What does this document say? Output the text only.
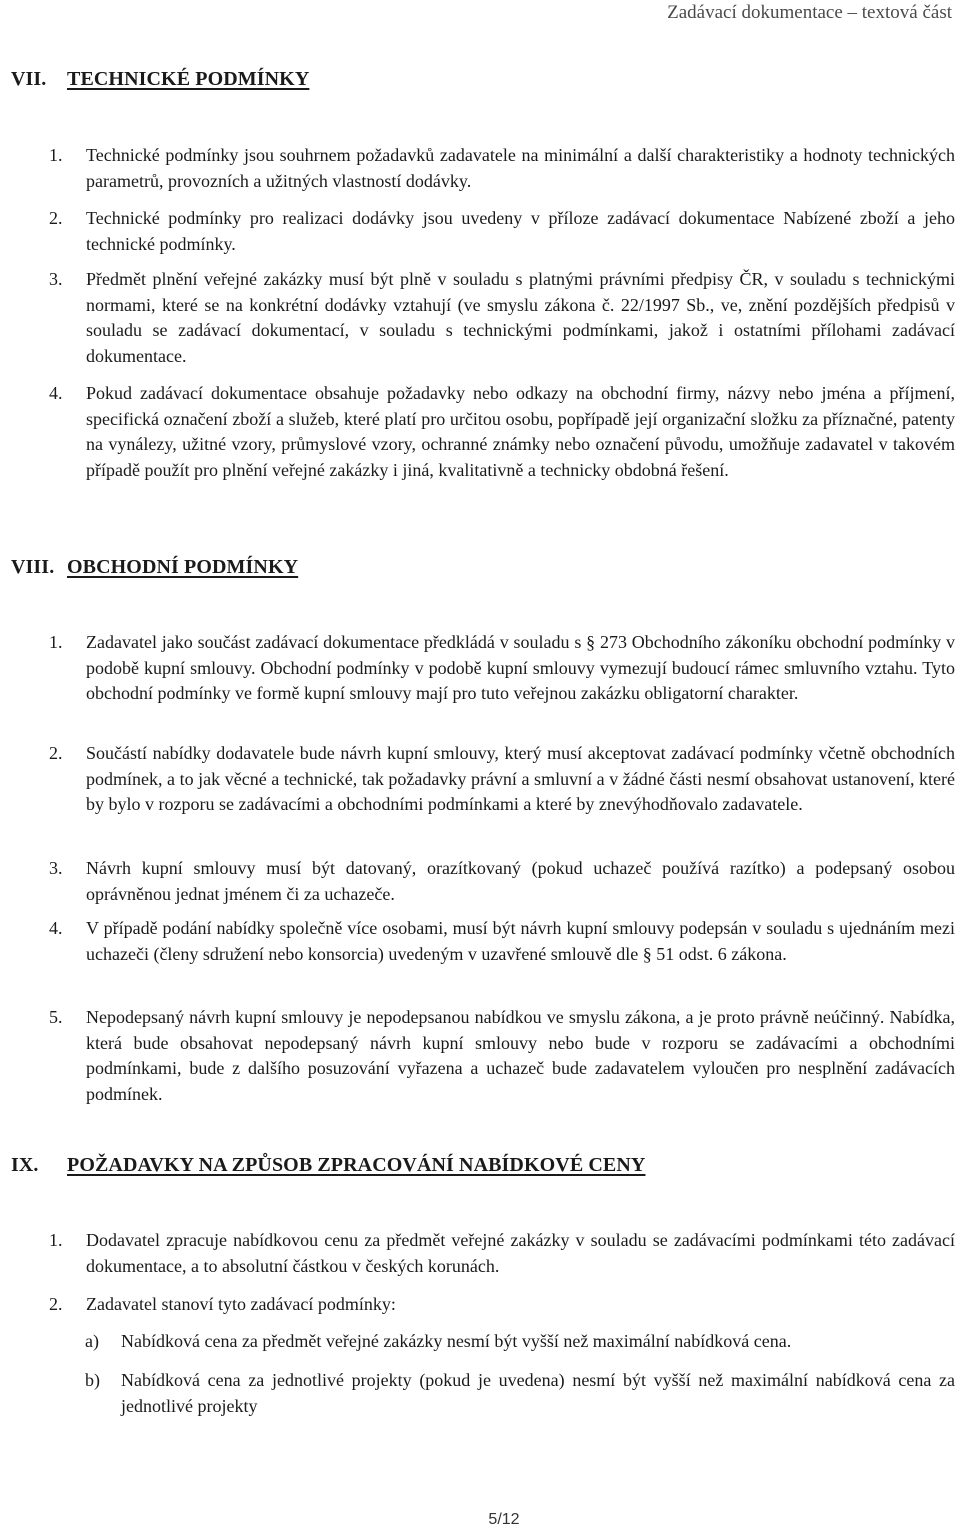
Zadávací dokumentace – textová část
VII. TECHNICKÉ PODMÍNKY
1. Technické podmínky jsou souhrnem požadavků zadavatele na minimální a další charakteristiky a hodnoty technických parametrů, provozních a užitných vlastností dodávky.
2. Technické podmínky pro realizaci dodávky jsou uvedeny v příloze zadávací dokumentace Nabízené zboží a jeho technické podmínky.
3. Předmět plnění veřejné zakázky musí být plně v souladu s platnými právními předpisy ČR, v souladu s technickými normami, které se na konkrétní dodávky vztahují (ve smyslu zákona č. 22/1997 Sb., ve, znění pozdějších předpisů v souladu se zadávací dokumentací, v souladu s technickými podmínkami, jakož i ostatními přílohami zadávací dokumentace.
4. Pokud zadávací dokumentace obsahuje požadavky nebo odkazy na obchodní firmy, názvy nebo jména a příjmení, specifická označení zboží a služeb, které platí pro určitou osobu, popřípadě její organizační složku za příznačné, patenty na vynálezy, užitné vzory, průmyslové vzory, ochranné známky nebo označení původu, umožňuje zadavatel v takovém případě použít pro plnění veřejné zakázky i jiná, kvalitativně a technicky obdobná řešení.
VIII. OBCHODNÍ PODMÍNKY
1. Zadavatel jako součást zadávací dokumentace předkládá v souladu s § 273 Obchodního zákoníku obchodní podmínky v podobě kupní smlouvy. Obchodní podmínky v podobě kupní smlouvy vymezují budoucí rámec smluvního vztahu. Tyto obchodní podmínky ve formě kupní smlouvy mají pro tuto veřejnou zakázku obligatorní charakter.
2. Součástí nabídky dodavatele bude návrh kupní smlouvy, který musí akceptovat zadávací podmínky včetně obchodních podmínek, a to jak věcné a technické, tak požadavky právní a smluvní a v žádné části nesmí obsahovat ustanovení, které by bylo v rozporu se zadávacími a obchodními podmínkami a které by znevýhodňovalo zadavatele.
3. Návrh kupní smlouvy musí být datovaný, orazítkovaný (pokud uchazeč používá razítko) a podepsaný osobou oprávněnou jednat jménem či za uchazeče.
4. V případě podání nabídky společně více osobami, musí být návrh kupní smlouvy podepsán v souladu s ujednáním mezi uchazeči (členy sdružení nebo konsorcia) uvedeným v uzavřené smlouvě dle § 51 odst. 6 zákona.
5. Nepodepsaný návrh kupní smlouvy je nepodepsanou nabídkou ve smyslu zákona, a je proto právně neúčinný. Nabídka, která bude obsahovat nepodepsaný návrh kupní smlouvy nebo bude v rozporu se zadávacími a obchodními podmínkami, bude z dalšího posuzování vyřazena a uchazeč bude zadavatelem vyloučen pro nesplnění zadávacích podmínek.
IX. POŽADAVKY NA ZPŮSOB ZPRACOVÁNÍ NABÍDKOVÉ CENY
1. Dodavatel zpracuje nabídkovou cenu za předmět veřejné zakázky v souladu se zadávacími podmínkami této zadávací dokumentace, a to absolutní částkou v českých korunách.
2. Zadavatel stanoví tyto zadávací podmínky:
a) Nabídková cena za předmět veřejné zakázky nesmí být vyšší než maximální nabídková cena.
b) Nabídková cena za jednotlivé projekty (pokud je uvedena) nesmí být vyšší než maximální nabídková cena za jednotlivé projekty
5/12
